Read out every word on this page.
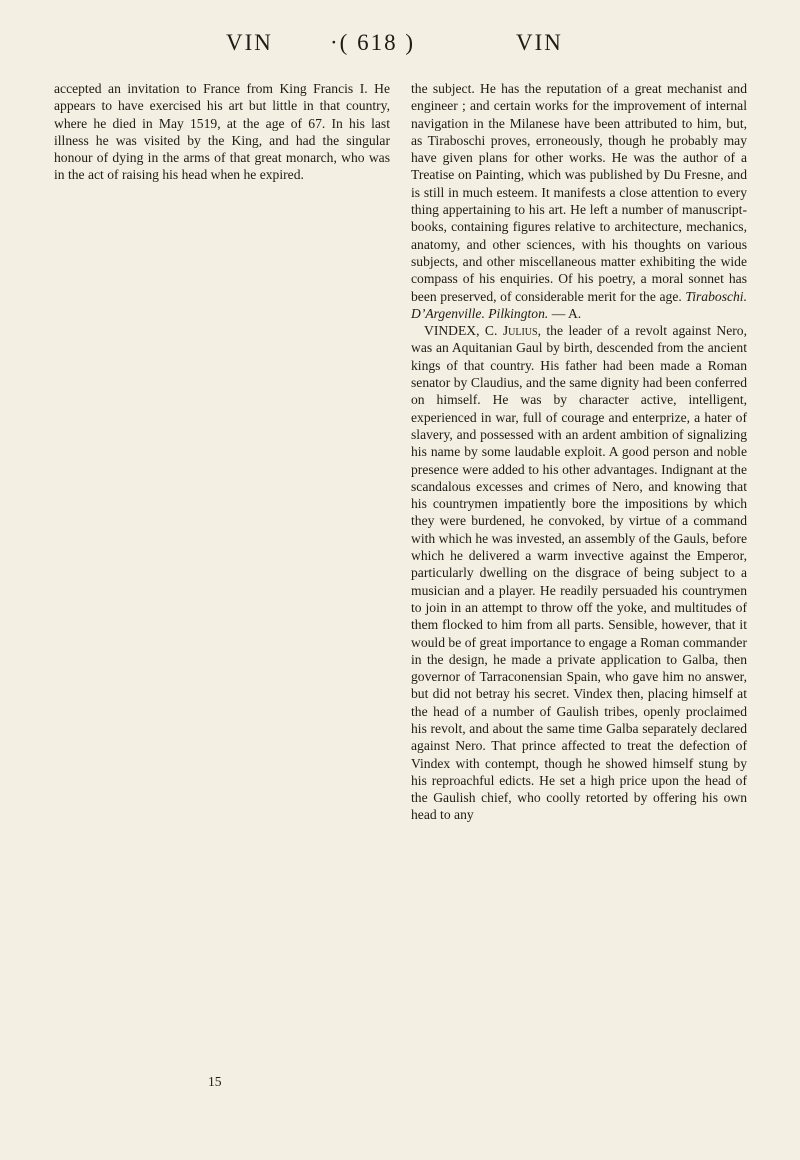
VIN ·( 618 )	VIN

accepted an invitation to France from King Francis I. He appears to have exercised his art but little in that country, where he died in May 1519, at the age of 67. In his last illness he was visited by the King, and had the singular honour of dying in the arms of that great monarch, who was in the act of raising his head when he expired.

the subject. He has the reputation of a great mechanist and engineer ; and certain works for the improvement of internal navigation in the Milanese have been attributed to him, but, as Tiraboschi proves, erroneously, though he probably may have given plans for other works. He was the author of a Treatise on Painting, which was published by Du Fresne, and is still in much esteem. It manifests a close attention to every thing appertaining to his art. He left a number of manuscript-books, containing figures relative to architecture, mechanics, anatomy, and other sciences, with his thoughts on various subjects, and other miscellaneous matter exhibiting the wide compass of his enquiries. Of his poetry, a moral sonnet has been preserved, of considerable merit for the age. Tiraboschi. D’Argenville. Pilkington. — A.

VINDEX, C. Julius, the leader of a revolt against Nero, was an Aquitanian Gaul by birth, descended from the ancient kings of that country. His father had been made a Roman senator by Claudius, and the same dignity had been conferred on himself. He was by character active, intelligent, experienced in war, full of courage and enterprize, a hater of slavery, and possessed with an ardent ambition of signalizing his name by some laudable exploit. A good person and noble presence were added to his other advantages. Indignant at the scandalous excesses and crimes of Nero, and knowing that his countrymen impatiently bore the impositions by which they were burdened, he convoked, by virtue of a command with which he was invested, an assembly of the Gauls, before which he delivered a warm invective against the Emperor, particularly dwelling on the disgrace of being subject to a musician and a player. He readily persuaded his countrymen to join in an attempt to throw off the yoke, and multitudes of them flocked to him from all parts. Sensible, however, that it would be of great importance to engage a Roman commander in the design, he made a private application to Galba, then governor of Tarraconensian Spain, who gave him no answer, but did not betray his secret. Vindex then, placing himself at the head of a number of Gaulish tribes, openly proclaimed his revolt, and about the same time Galba separately declared against Nero. That prince affected to treat the defection of Vindex with contempt, though he showed himself stung by his reproachful edicts. He set a high price upon the head of the Gaulish chief, who coolly retorted by offering his own head to any

15
